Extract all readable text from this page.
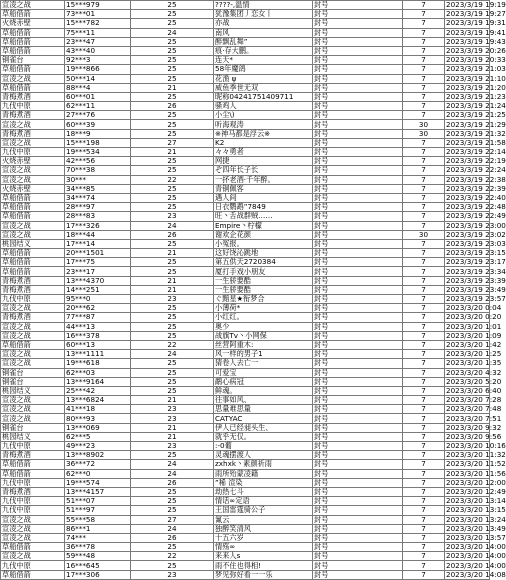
宣凌之战	15***979	25	????-,温情	封号	7	2023/3/19 19:19
草船借箭	73***01	25	犹豫集团丿恋女丨	封号	7	2023/3/19 19:27
火烧赤壁	15***782	25	亦战	封号	7	2023/3/19 19:31
草船借箭	75***11	24	南风	封号	7	2023/3/19 19:41
草船借箭	23***47	25	醉飘乱舞”	封号	7	2023/3/19 19:43
草船借箭	43***40	25	痕·存大鹏。	封号	7	2023/3/19 20:26
铜雀台	92***3	25	连天*	封号	7	2023/3/19 20:33
草船借箭	19***866	25	58年魔鸽	封号	7	2023/3/19 21:03
宣凌之战	50***14	25	花渔 ψ	封号	7	2023/3/19 21:10
草船借箭	88***4	21	威鱼季世无双	封号	7	2023/3/19 21:20
青梅煮酒	60***01	25	昵称04241751409711	封号	7	2023/3/19 21:23
九伐中原	62***11	26	骚鸡人	封号	7	2023/3/19 21:24
青梅煮酒	27***76	25	小尘\)	封号	7	2023/3/19 21:25
宣凌之战	60***39	25	听海观涛	封号	30	2023/3/19 21:29
青梅煮酒	18***9	25	※神马都是浮云※	封号	30	2023/3/19 21:32
宣凌之战	15***198	27	K2	封号	7	2023/3/19 21:58
九伐中原	19***534	21	々々勇者	封号	7	2023/3/19 22:14
火烧赤壁	42***56	25	网捷	封号	7	2023/3/19 22:19
宣凌之战	70***38	25	ぞ四年长子长	封号	7	2023/3/19 22:24
宣凌之战	30***	22	一抔老酒·千年醉。	封号	7	2023/3/19 22:38
火烧赤壁	34***85	25	青铜佩客	封号	7	2023/3/19 22:39
草船借箭	34***74	25	遇人间	封号	7	2023/3/19 22:40
草船借箭	28***97	25	日衣鹦鹉”7849	封号	7	2023/3/19 22:48
草船借箭	28***83	23	旺丶舌战群贼……	封号	7	2023/3/19 22:49
宣凌之战	17***326	24	Empire丶柠檬	封号	7	2023/3/19 23:00
宣凌之战	18***44	26	谢欢企花颜	封号	30	2023/3/19 23:02
桃园结义	17***14	25	小冤报。	封号	7	2023/3/19 23:03
草船借箭	20***1501	21	这好饶沁跳地	封号	7	2023/3/19 23:15
草船借箭	17***75	25	第五供天2720384	封号	7	2023/3/19 23:17
草船借箭	23***17	25	厦打手戏小朋友	封号	7	2023/3/19 23:34
青梅煮酒	13***4370	21	一生骄要酷	封号	7	2023/3/19 23:39
青梅煮酒	14***251	21	一生骄要酷	封号	7	2023/3/19 23:49
九伐中原	95***0	23	ぐ黯星★衔梦合	封号	7	2023/3/19 23:57
宣凌之战	20***62	25	小薄荷*	封号	7	2023/3/20 0:04
青梅煮酒	77***87	25	小红红。	封号	7	2023/3/20 0:20
宣凌之战	44***13	25	奥少	封号	7	2023/3/20 1:01
宣凌之战	16***378	25	战旗Tv丶小网保	封号	7	2023/3/20 1:09
草船借箭	60***13	22	丝营阿重木:	封号	7	2023/3/20 1:42
宣凌之战	13***1111	24	风一样的男子1	封号	7	2023/3/20 1:25
宣凌之战	19***618	25	猜卷人去亡一	封号	7	2023/3/20 1:35
铜雀台	62***03	25	可爱宝	封号	7	2023/3/20 4:32
铜雀台	13***9164	25	鹬心病冠	封号	7	2023/3/20 5:20
桃园结义	25***42	25	鲜魂。	封号	7	2023/3/20 6:40
宣凌之战	13***6824	21	往事如风、	封号	7	2023/3/20 7:28
宣凌之战	41***18	23	思量难思量	封号	7	2023/3/20 7:48
宣凌之战	80***93	23	CATYAC	封号	7	2023/3/20 7:51
铜雀台	13***069	21	伊人已经昶头生、	封号	7	2023/3/20 9:32
桃园结义	62***5	21	就乎无仅。	封号	7	2023/3/20 9:56
九伐中原	49***23	23	:-0葡	封号	7	2023/3/20 10:16
青梅煮酒	13***8902	25	灵魂摆渡人	封号	7	2023/3/20 11:32
草船借箭	36***72	24	zxhxk丶素颜祈雨	封号	7	2023/3/20 11:52
草船借箭	62***0	24	雨所殆蒙凌籍	封号	7	2023/3/20 11:56
九伐中原	19***574	26	”稀 渲染	封号	7	2023/3/20 12:00
青梅煮酒	13***4157	25	劫热七斗	封号	7	2023/3/20 12:49
九伐中原	51***07	25	情话∞定语	封号	7	2023/3/20 13:14
九伐中原	51***97	25	王国雷霆骑公子	封号	7	2023/3/20 13:15
宣凌之战	55***58	27	氰云	封号	7	2023/3/20 13:24
宣凌之战	86***1	24	独醉笑清风	封号	7	2023/3/20 13:49
宣凌之战	74***	26	十五六岁	封号	7	2023/3/20 13:57
草船借箭	36***78	25	情殇∞	封号	7	2023/3/20 14:00
宣凌之战	59***48	22	来来人s	封号	7	2023/3/20 14:00
九伐中原	16***645	25	雨不住也得相!	封号	7	2023/3/20 14:00
草船借箭	17***306	23	梦见弥好看一一乐	封号	7	2023/3/20 14:08
